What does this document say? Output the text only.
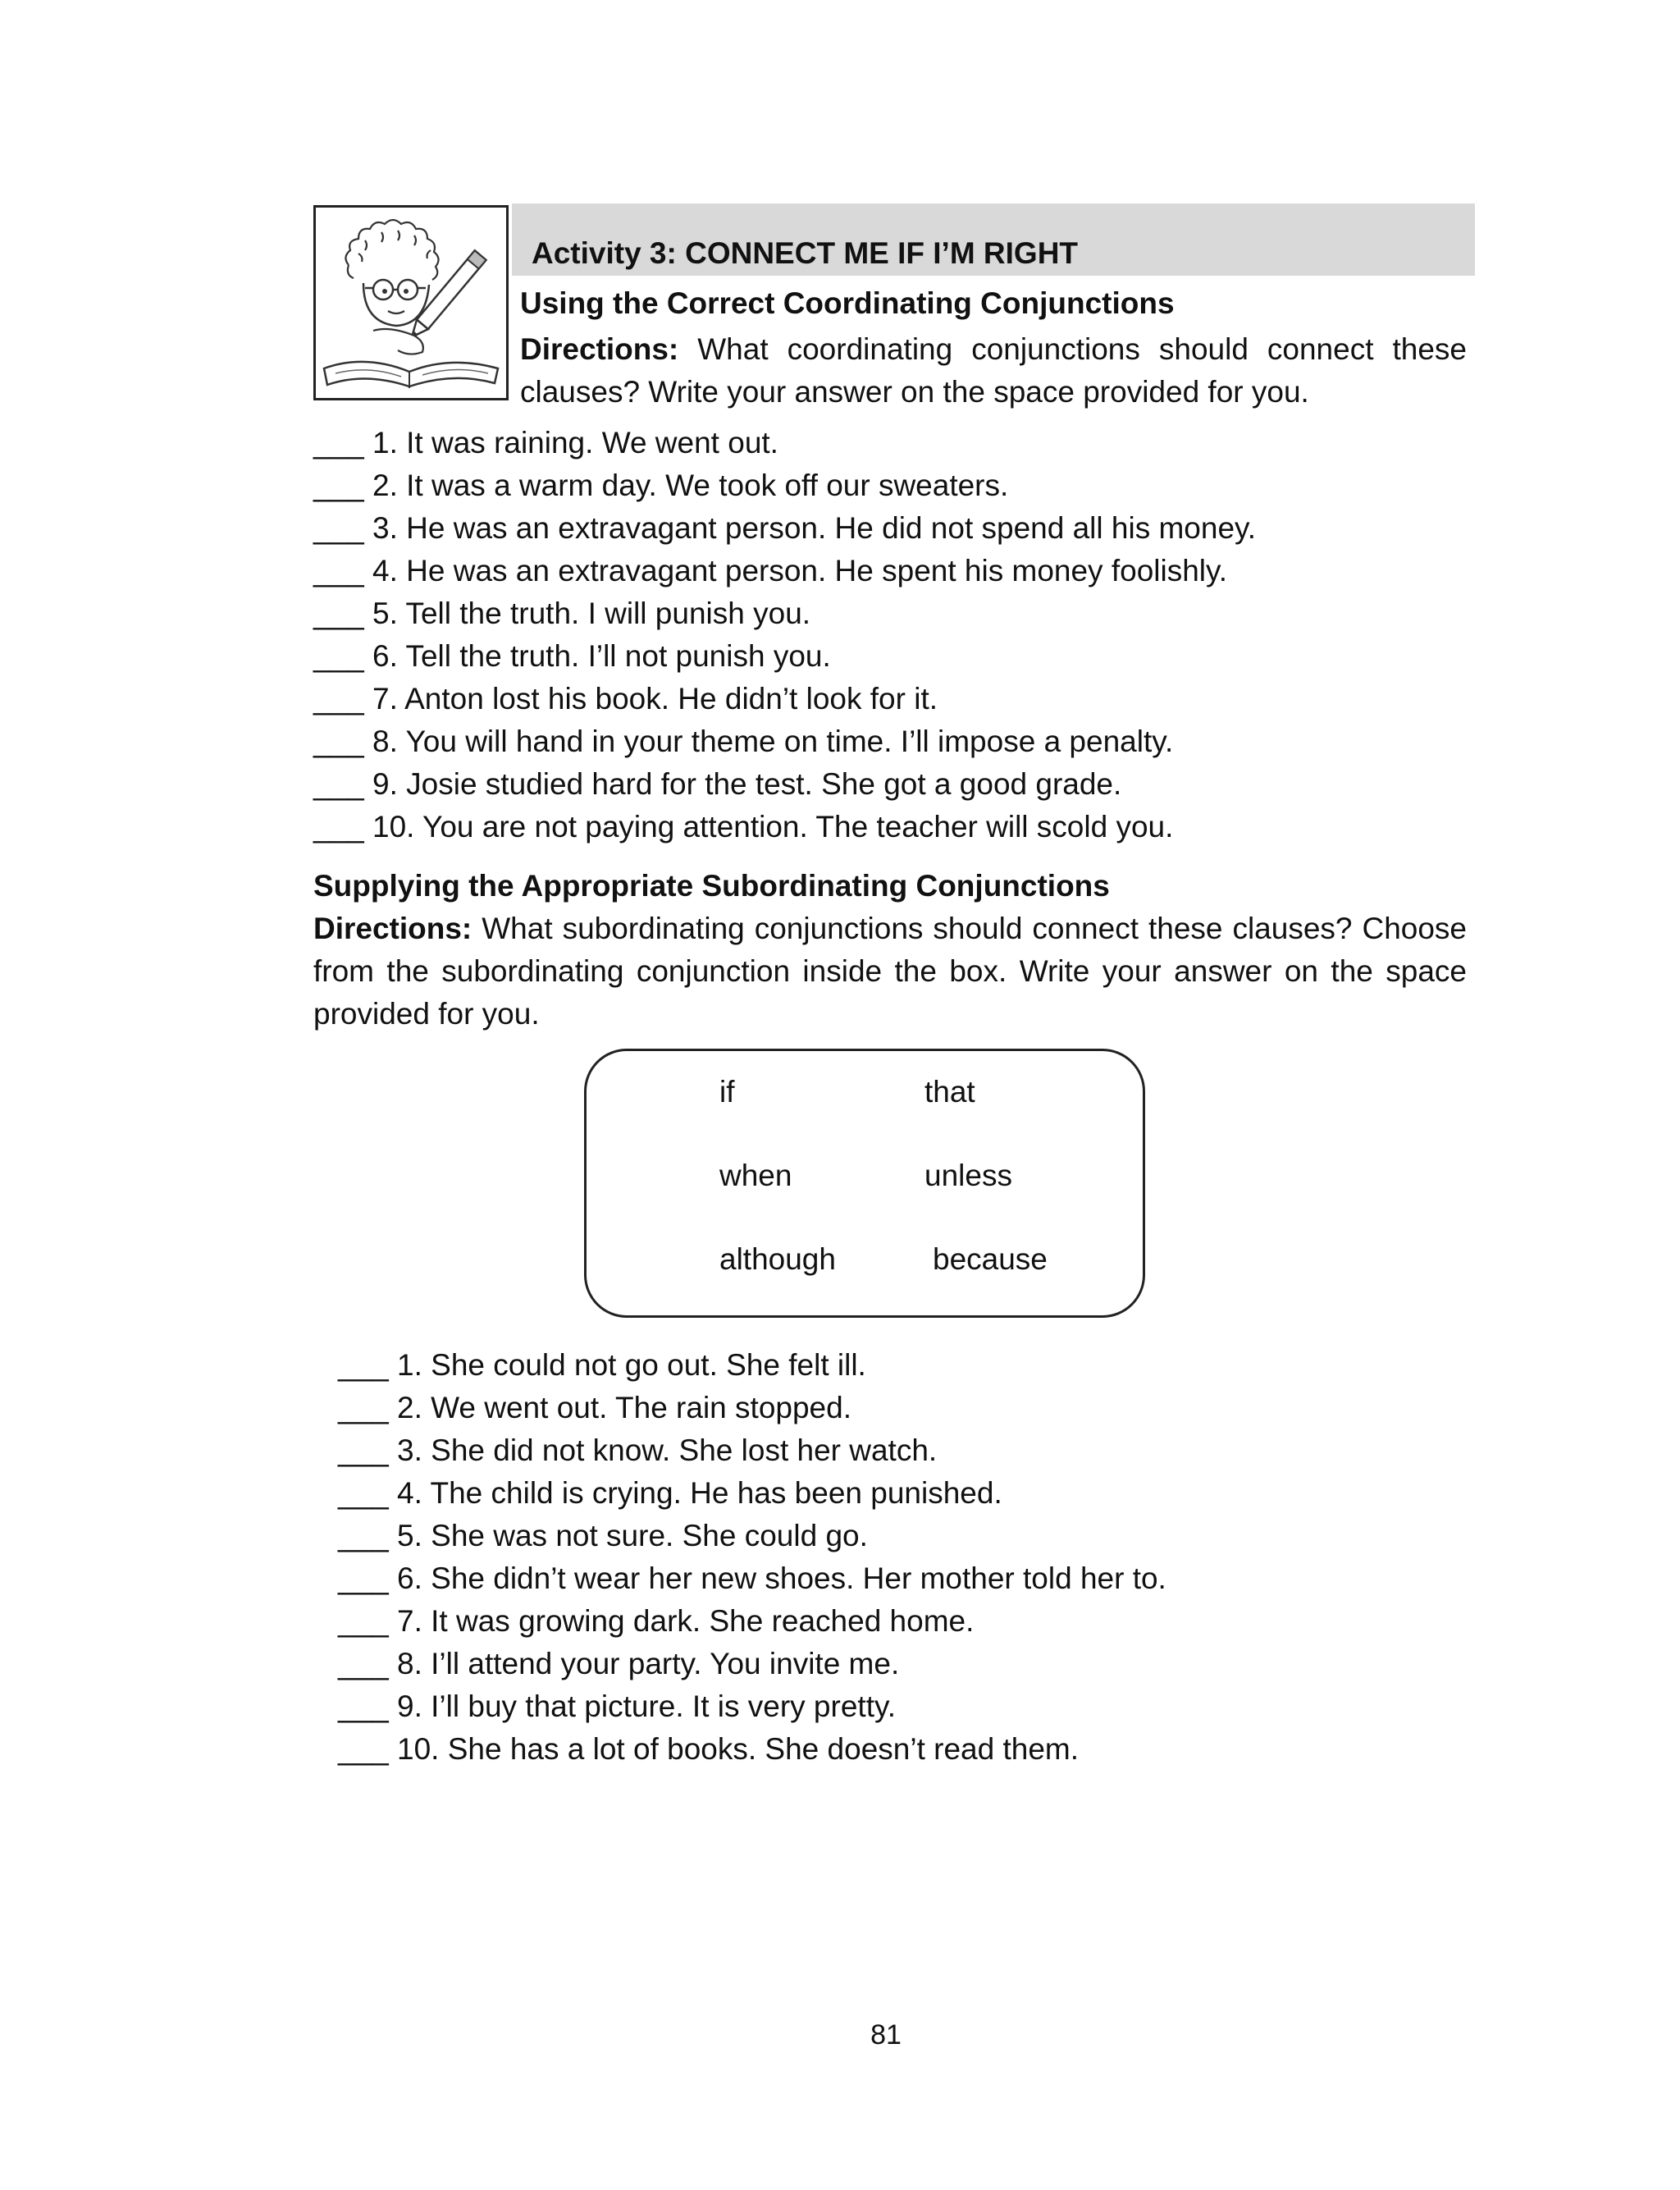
Activity 3: CONNECT ME IF I’M RIGHT
Using the Correct Coordinating Conjunctions
Directions: What coordinating conjunctions should connect these clauses? Write your answer on the space provided for you.
___ 1. It was raining. We went out.
___ 2. It was a warm day. We took off our sweaters.
___ 3. He was an extravagant person. He did not spend all his money.
___ 4. He was an extravagant person. He spent his money foolishly.
___ 5. Tell the truth. I will punish you.
___ 6. Tell the truth. I’ll not punish you.
___ 7. Anton lost his book. He didn’t look for it.
___ 8. You will hand in your theme on time. I’ll impose a penalty.
___ 9. Josie studied hard for the test. She got a good grade.
___ 10. You are not paying attention. The teacher will scold you.
Supplying the Appropriate Subordinating Conjunctions
Directions: What subordinating conjunctions should connect these clauses? Choose from the subordinating conjunction inside the box. Write your answer on the space provided for you.
if	that
when	unless
although	because
___ 1. She could not go out. She felt ill.
___ 2. We went out. The rain stopped.
___ 3. She did not know. She lost her watch.
___ 4. The child is crying. He has been punished.
___ 5. She was not sure. She could go.
___ 6. She didn’t wear her new shoes. Her mother told her to.
___ 7. It was growing dark. She reached home.
___ 8. I’ll attend your party. You invite me.
___ 9. I’ll buy that picture. It is very pretty.
___ 10. She has a lot of books. She doesn’t read them.
81
